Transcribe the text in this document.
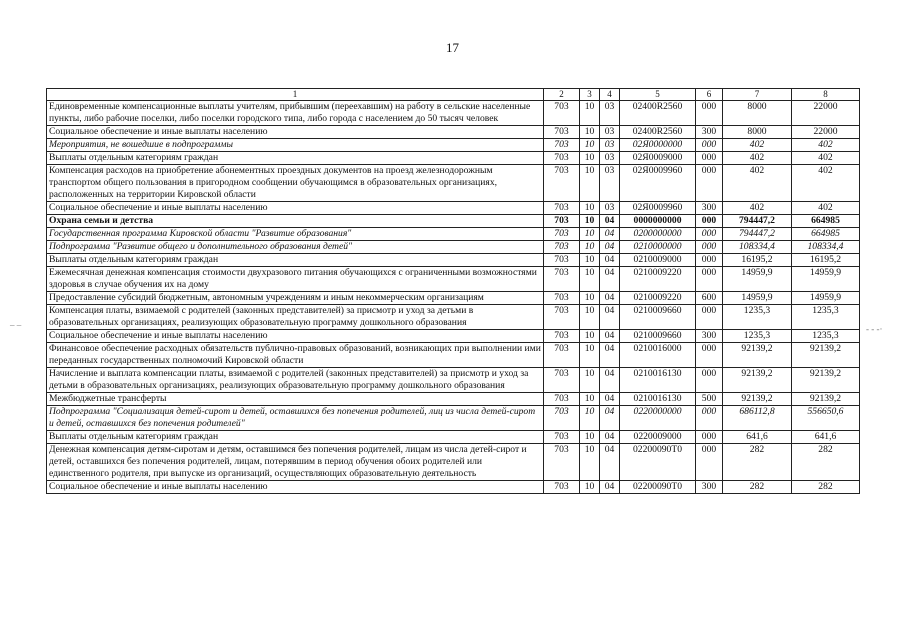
17
– –	- - -·
1	2	3	4	5	6	7	8
Единовременные компенсационные выплаты учителям, прибывшим (переехавшим) на работу в сельские населенные пункты, либо рабочие поселки, либо поселки городского типа, либо города с населением до 50 тысяч человек	703	10	03	02400R2560	000	8000	22000
Социальное обеспечение и иные выплаты населению	703	10	03	02400R2560	300	8000	22000
Мероприятия, не вошедшие в подпрограммы	703	10	03	02Я0000000	000	402	402
Выплаты отдельным категориям граждан	703	10	03	02Я0009000	000	402	402
Компенсация расходов на приобретение абонементных проездных документов на проезд железнодорожным транспортом общего пользования в пригородном сообщении обучающимся в образовательных организациях, расположенных на территории Кировской области	703	10	03	02Я0009960	000	402	402
Социальное обеспечение и иные выплаты населению	703	10	03	02Я0009960	300	402	402
Охрана семьи и детства	703	10	04	0000000000	000	794447,2	664985
Государственная программа Кировской области "Развитие образования"	703	10	04	0200000000	000	794447,2	664985
Подпрограмма "Развитие общего и дополнительного образования детей"	703	10	04	0210000000	000	108334,4	108334,4
Выплаты отдельным категориям граждан	703	10	04	0210009000	000	16195,2	16195,2
Ежемесячная денежная компенсация стоимости двухразового питания обучающихся с ограниченными возможностями здоровья в случае обучения их на дому	703	10	04	0210009220	000	14959,9	14959,9
Предоставление субсидий бюджетным, автономным учреждениям и иным некоммерческим организациям	703	10	04	0210009220	600	14959,9	14959,9
Компенсация платы, взимаемой с родителей (законных представителей) за присмотр и уход за детьми в образовательных организациях, реализующих образовательную программу дошкольного образования	703	10	04	0210009660	000	1235,3	1235,3
Социальное обеспечение и иные выплаты населению	703	10	04	0210009660	300	1235,3	1235,3
Финансовое обеспечение расходных обязательств публично-правовых образований, возникающих при выполнении ими переданных государственных полномочий Кировской области	703	10	04	0210016000	000	92139,2	92139,2
Начисление и выплата компенсации платы, взимаемой с родителей (законных представителей) за присмотр и уход за детьми в образовательных организациях, реализующих образовательную программу дошкольного образования	703	10	04	0210016130	000	92139,2	92139,2
Межбюджетные трансферты	703	10	04	0210016130	500	92139,2	92139,2
Подпрограмма "Социализация детей-сирот и детей, оставшихся без попечения родителей, лиц из числа детей-сирот и детей, оставшихся без попечения родителей"	703	10	04	0220000000	000	686112,8	556650,6
Выплаты отдельным категориям граждан	703	10	04	0220009000	000	641,6	641,6
Денежная компенсация детям-сиротам и детям, оставшимся без попечения родителей, лицам из числа детей-сирот и детей, оставшихся без попечения родителей, лицам, потерявшим в период обучения обоих родителей или единственного родителя, при выпуске из организаций, осуществляющих образовательную деятельность	703	10	04	02200090Т0	000	282	282
Социальное обеспечение и иные выплаты населению	703	10	04	02200090Т0	300	282	282
